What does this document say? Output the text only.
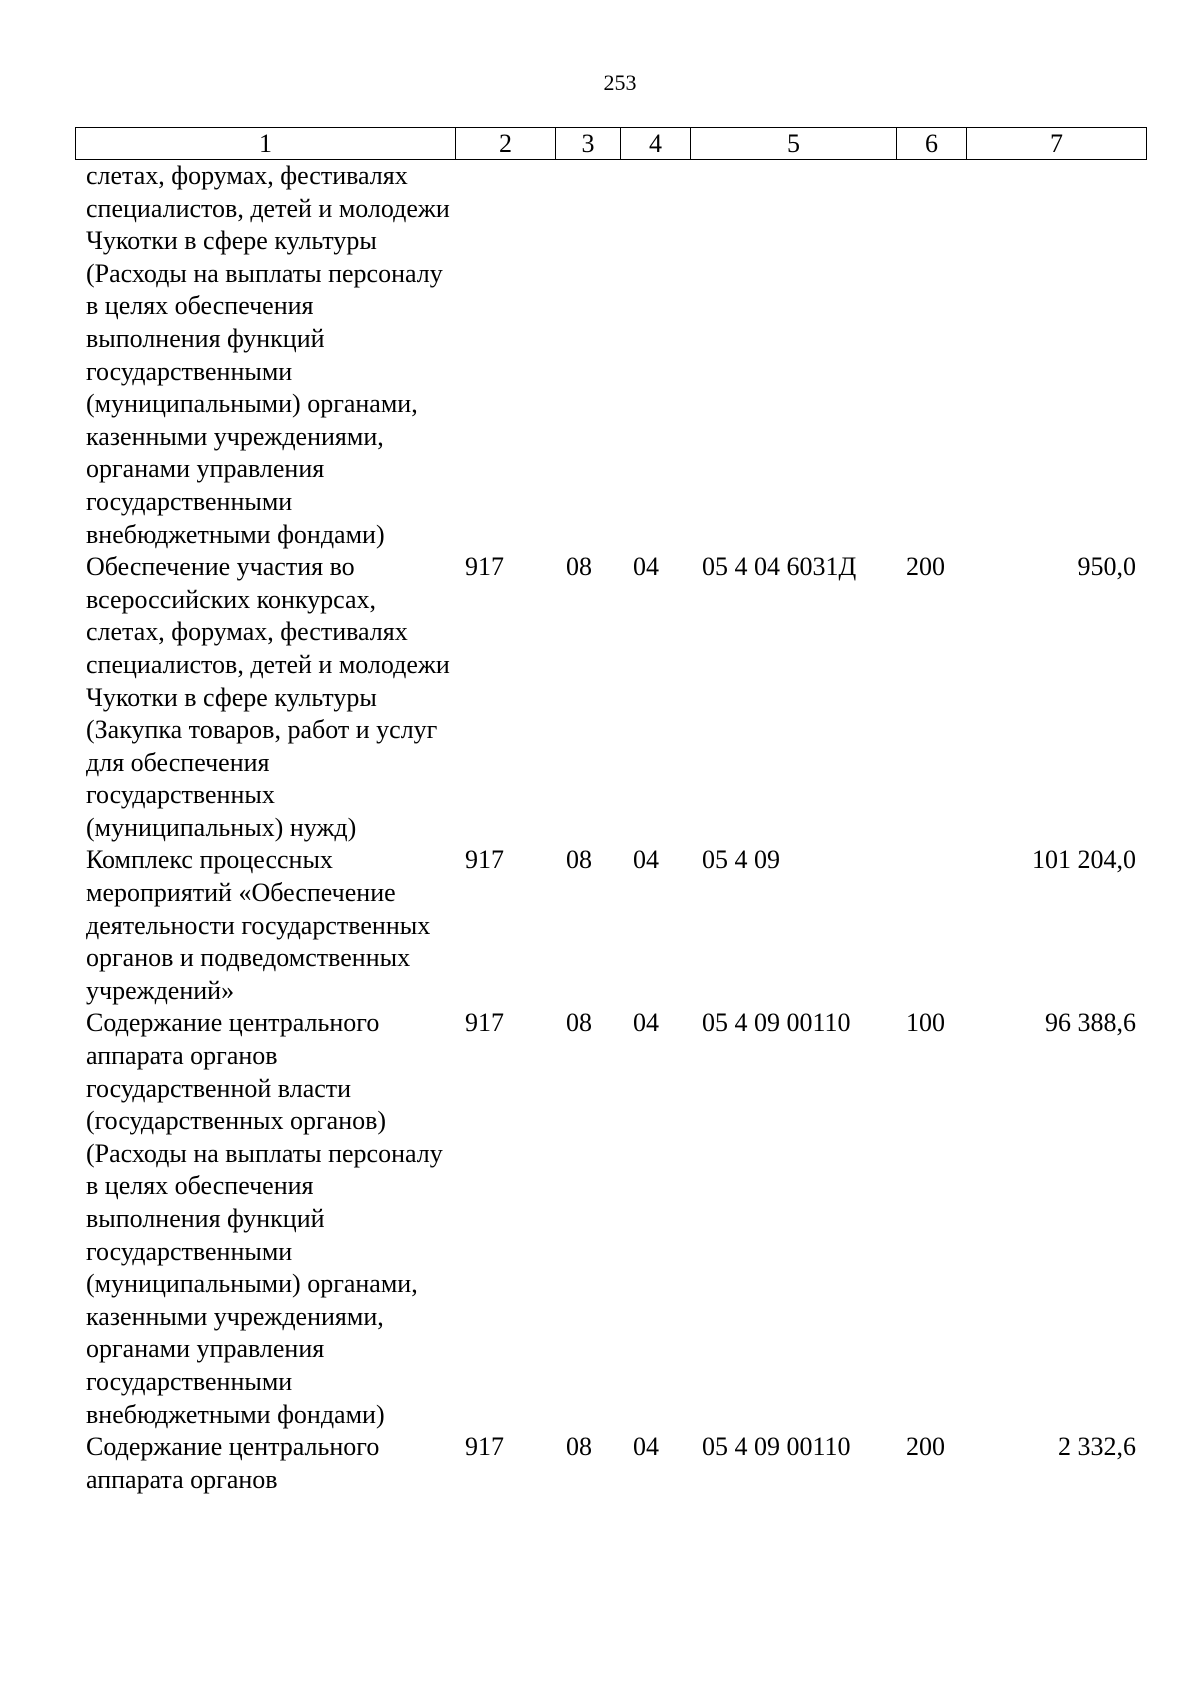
253
1	2	3	4	5	6	7
слетах, форумах, фестивалях специалистов, детей и молодежи Чукотки в сфере культуры (Расходы на выплаты персоналу в целях обеспечения выполнения функций государственными (муниципальными) органами, казенными учреждениями, органами управления государственными внебюджетными фондами)						
Обеспечение участия во всероссийских конкурсах, слетах, форумах, фестивалях специалистов, детей и молодежи Чукотки в сфере культуры (Закупка товаров, работ и услуг для обеспечения государственных (муниципальных) нужд)	917	08	04	05 4 04 6031Д	200	950,0
Комплекс процессных мероприятий «Обеспечение деятельности государственных органов и подведомственных учреждений»	917	08	04	05 4 09		101 204,0
Содержание центрального аппарата органов государственной власти (государственных органов) (Расходы на выплаты персоналу в целях обеспечения выполнения функций государственными (муниципальными) органами, казенными учреждениями, органами управления государственными внебюджетными фондами)	917	08	04	05 4 09 00110	100	96 388,6
Содержание центрального аппарата органов	917	08	04	05 4 09 00110	200	2 332,6
